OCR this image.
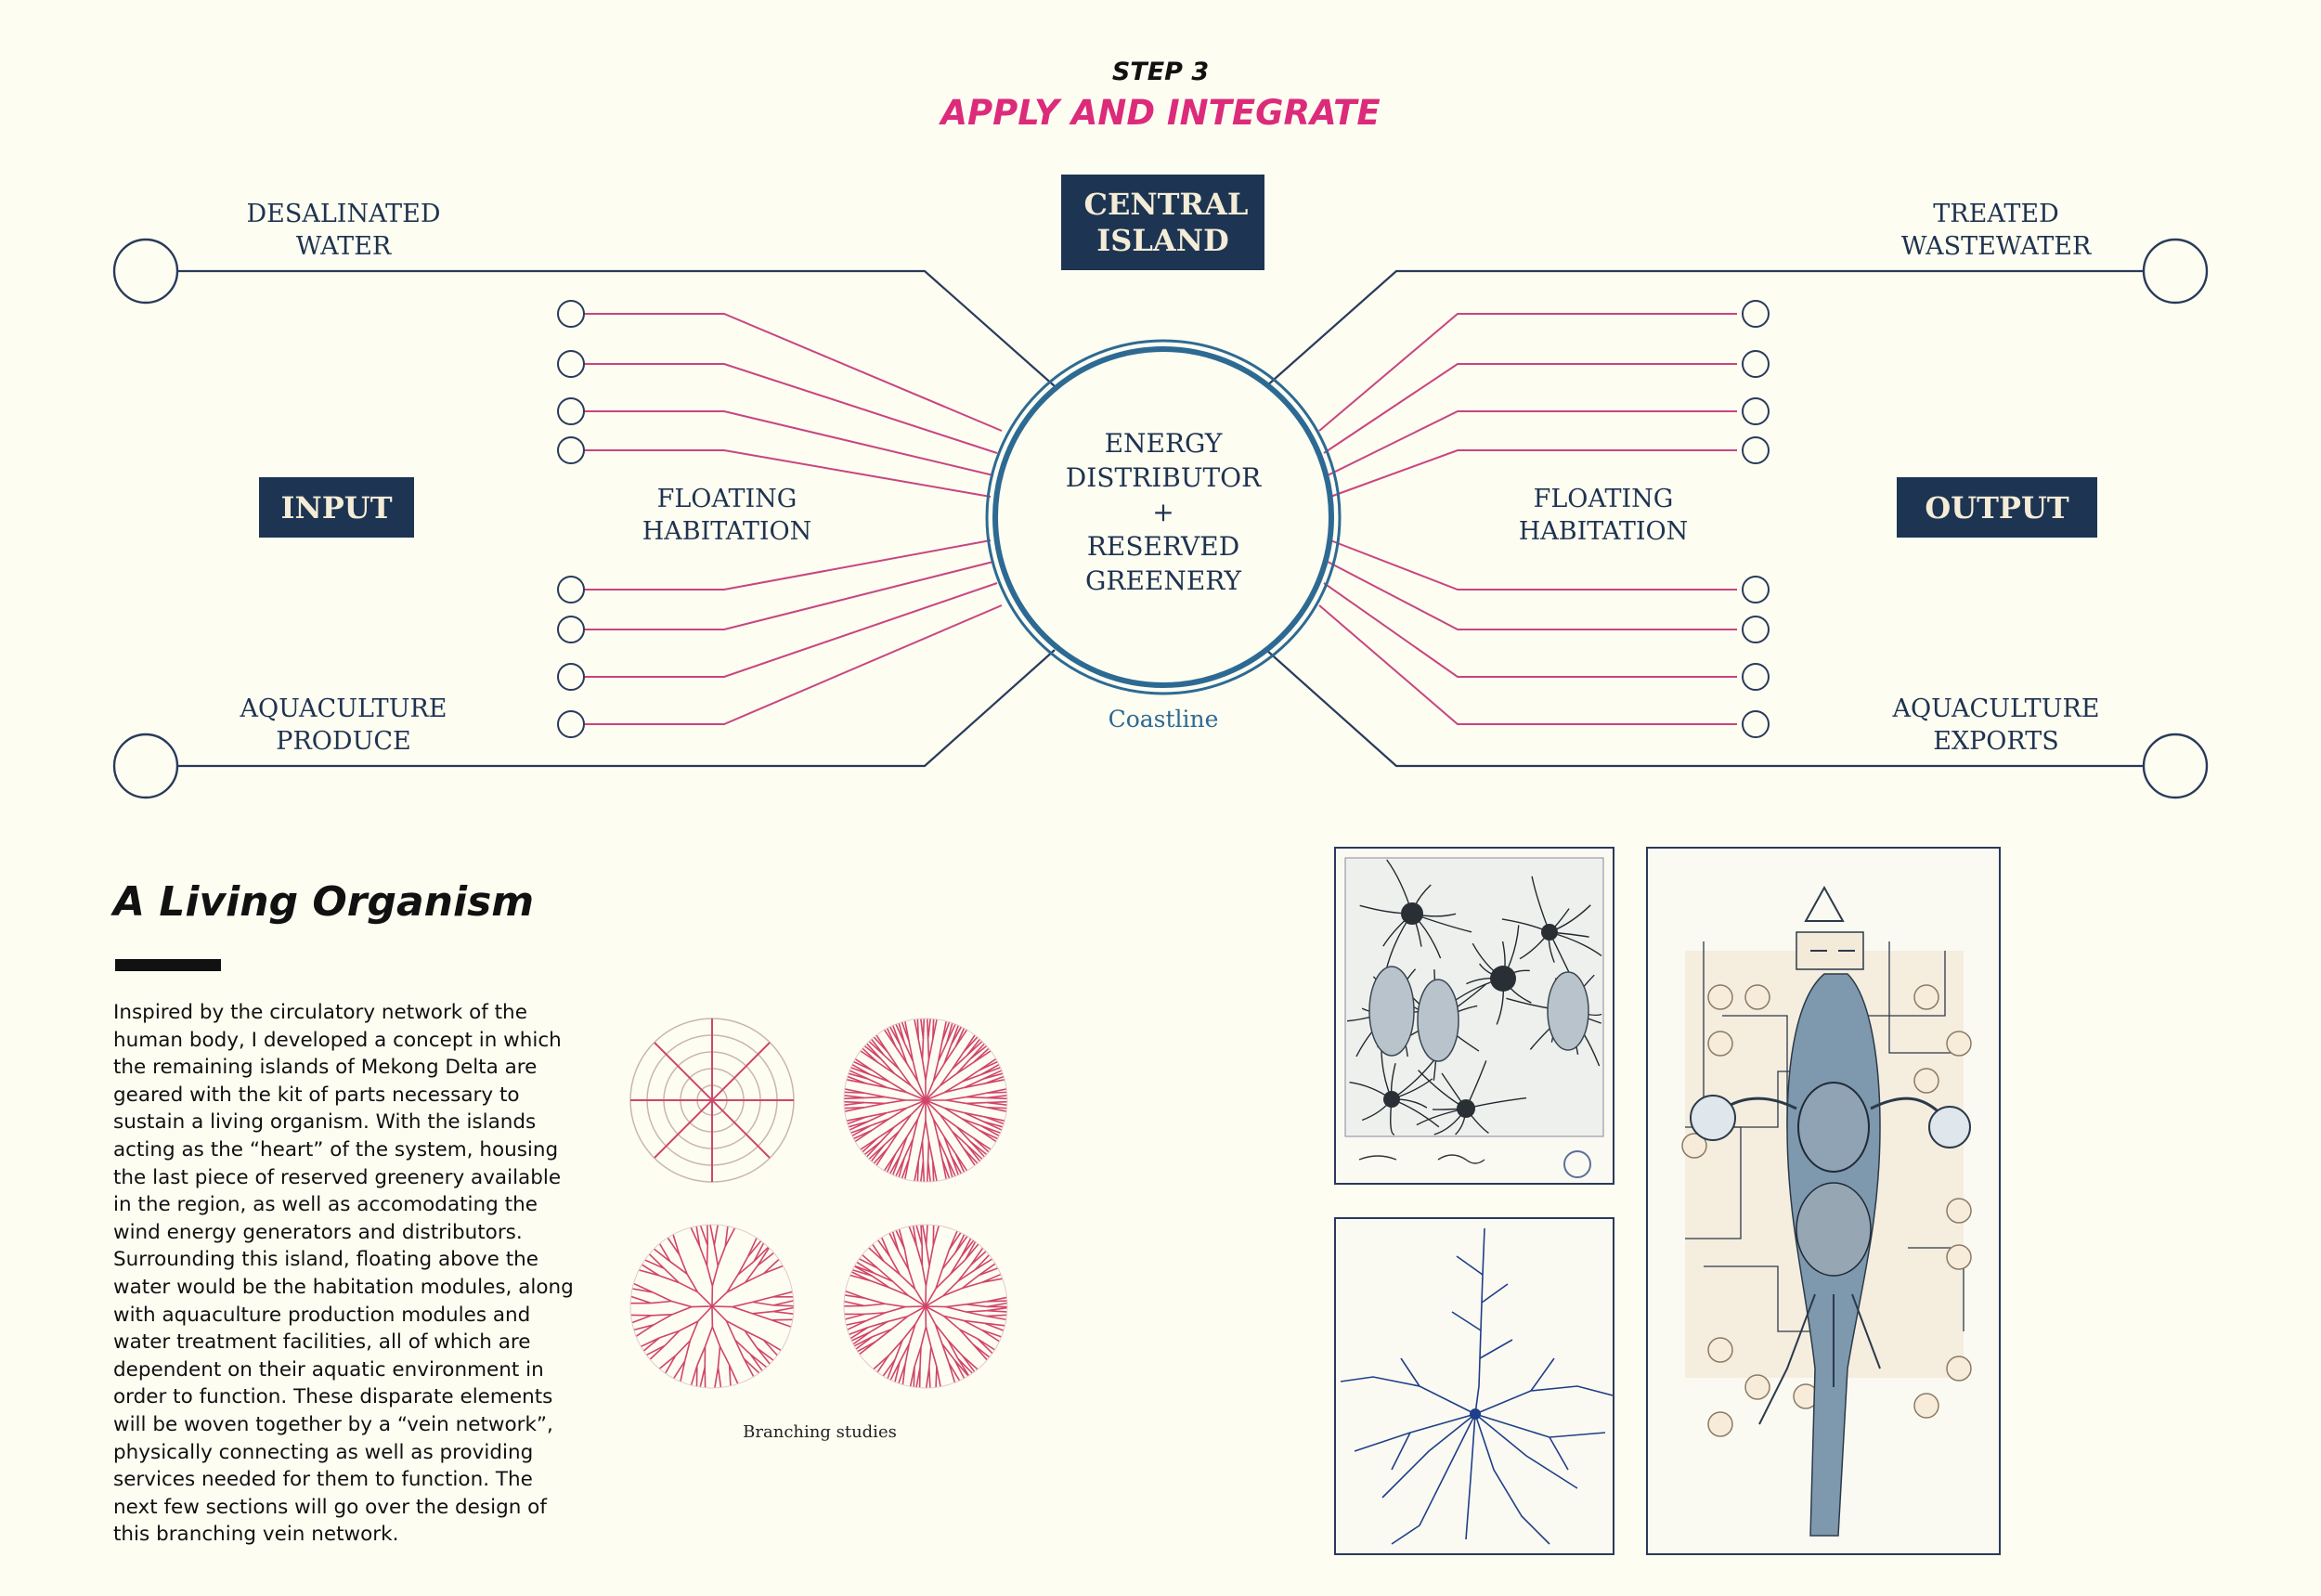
STEP 3
APPLY AND INTEGRATE
CENTRAL ISLAND
INPUT	OUTPUT
DESALINATED
WATER
TREATED
WASTEWATER
AQUACULTURE
PRODUCE
AQUACULTURE
EXPORTS
FLOATING
HABITATION
FLOATING
HABITATION
ENERGY
DISTRIBUTOR
+
RESERVED
GREENERY
Coastline
A Living Organism
Inspired by the circulatory network of the human body, I developed a concept in which the remaining islands of Mekong Delta are geared with the kit of parts necessary to sustain a living organism. With the islands acting as the “heart” of the system, housing the last piece of reserved greenery available in the region, as well as accomodating the wind energy generators and distributors. Surrounding this island, floating above the water would be the habitation modules, along with aquaculture production modules and water treatment facilities, all of which are dependent on their aquatic environment in order to function. These disparate elements will be woven together by a “vein network”, physically connecting as well as providing services needed for them to function. The next few sections will go over the design of this branching vein network.
Branching studies
